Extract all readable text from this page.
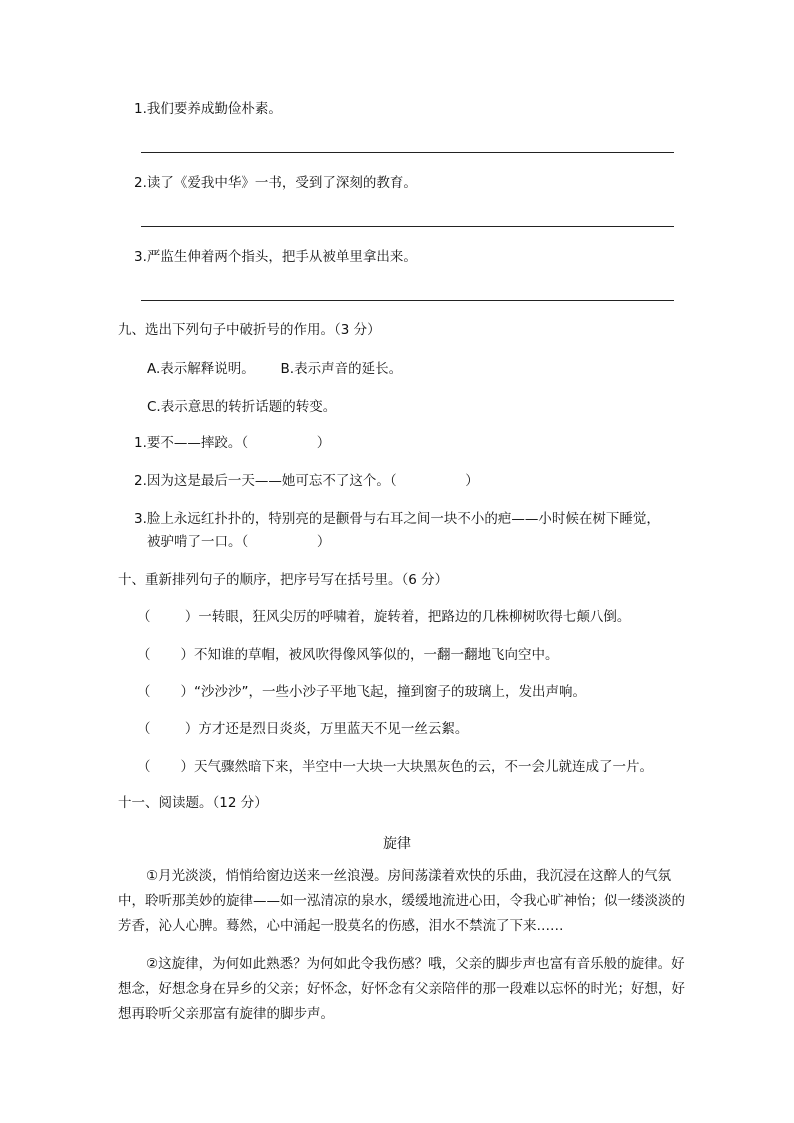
1.我们要养成勤俭朴素。
2.读了《爱我中华》一书，受到了深刻的教育。
3.严监生伸着两个指头，把手从被单里拿出来。
九、选出下列句子中破折号的作用。（3 分）
A.表示解释说明。      B.表示声音的延长。
C.表示意思的转折话题的转变。
1.要不——摔跤。（                ）
2.因为这是最后一天——她可忘不了这个。（                ）
3.脸上永远红扑扑的，特别亮的是颧骨与右耳之间一块不小的疤——小时候在树下睡觉，
被驴啃了一口。（                ）
十、重新排列句子的顺序，把序号写在括号里。（6 分）
（        ）一转眼，狂风尖厉的呼啸着，旋转着，把路边的几株柳树吹得七颠八倒。
（       ）不知谁的草帽，被风吹得像风筝似的，一翻一翻地飞向空中。
（       ）“沙沙沙”，一些小沙子平地飞起，撞到窗子的玻璃上，发出声响。
（        ）方才还是烈日炎炎，万里蓝天不见一丝云絮。
（       ）天气骤然暗下来，半空中一大块一大块黑灰色的云，不一会儿就连成了一片。
十一、阅读题。（12 分）
旋律
①月光淡淡，悄悄给窗边送来一丝浪漫。房间荡漾着欢快的乐曲，我沉浸在这醉人的气氛中，聆听那美妙的旋律——如一泓清凉的泉水，缓缓地流进心田，令我心旷神怡；似一缕淡淡的芳香，沁人心脾。蓦然，心中涌起一股莫名的伤感，泪水不禁流了下来……
②这旋律，为何如此熟悉？为何如此令我伤感？哦，父亲的脚步声也富有音乐般的旋律。好想念，好想念身在异乡的父亲；好怀念，好怀念有父亲陪伴的那一段难以忘怀的时光；好想，好想再聆听父亲那富有旋律的脚步声。
